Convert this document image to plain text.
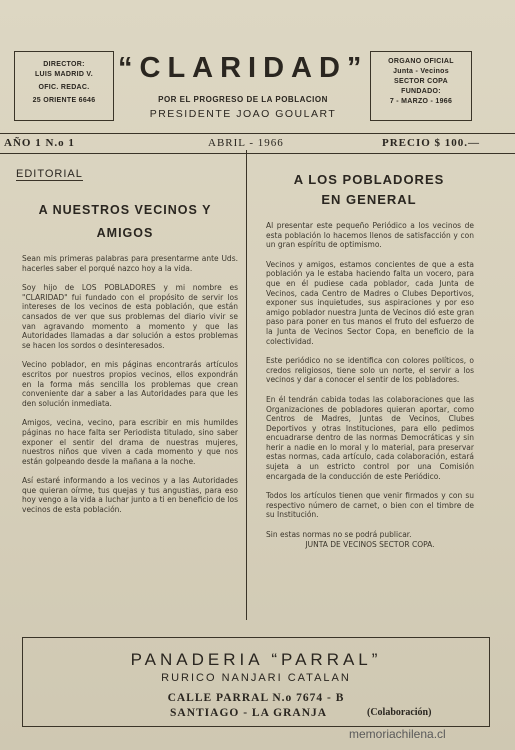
DIRECTOR:
LUIS MADRID V.
OFIC. REDAC.
25 ORIENTE 6646
“CLARIDAD”
POR EL PROGRESO DE LA POBLACION
PRESIDENTE JOAO GOULART
ORGANO OFICIAL
Junta - Vecinos
SECTOR COPA
FUNDADO:
7 - MARZO - 1966
AÑO 1 N.o 1	ABRIL - 1966	PRECIO $ 100.—
EDITORIAL
A NUESTROS VECINOS Y
AMIGOS

Sean mis primeras palabras para presentarme ante Uds. hacerles saber el porqué nazco hoy a la vida.

Soy hijo de LOS POBLADORES y mi nombre es "CLARIDAD" fui fundado con el propósito de servir los intereses de los vecinos de esta población, que están cansados de ver que sus problemas del diario vivir se van agravando momento a momento y que las Autoridades llamadas a dar solución a estos problemas se hacen los sordos o desinteresados.

Vecino poblador, en mis páginas encontrarás artículos escritos por nuestros propios vecinos, ellos expondrán en la forma más sencilla los problemas que crean conveniente dar a saber a las Autoridades para que les den solución inmediata.

Amigos, vecina, vecino, para escribir en mis humildes páginas no hace falta ser Periodista titulado, sino saber exponer el sentir del drama de nuestras mujeres, nuestros niños que viven a cada momento y que nos están golpeando desde la mañana a la noche.

Así estaré informando a los vecinos y a las Autoridades que quieran oírme, tus quejas y tus angustias, para eso hoy vengo a la vida a luchar junto a ti en beneficio de los vecinos de esta población.

A LOS POBLADORES
EN GENERAL

Al presentar este pequeño Periódico a los vecinos de esta población lo hacemos llenos de satisfacción y con un gran espíritu de optimismo.

Vecinos y amigos, estamos concientes de que a esta población ya le estaba haciendo falta un vocero, para que en él pudiese cada poblador, cada Junta de Vecinos, cada Centro de Madres o Clubes Deportivos, exponer sus inquietudes, sus aspiraciones y por eso amigo poblador nuestra Junta de Vecinos dió este gran paso para poner en tus manos el fruto del esfuerzo de la Junta de Vecinos Sector Copa, en beneficio de la colectividad.

Este periódico no se identifica con colores políticos, o credos religiosos, tiene solo un norte, el servir a los vecinos y dar a conocer el sentir de los pobladores.

En él tendrán cabida todas las colaboraciones que las Organizaciones de pobladores quieran aportar, como Centros de Madres, Juntas de Vecinos, Clubes Deportivos y otras Instituciones, para ello pedimos encuadrarse dentro de las normas Democráticas y sin herir a nadie en lo moral y lo material, para preservar estas normas, cada artículo, cada colaboración, estará sujeta a un estricto control por una Comisión encargada de la conducción de este Periódico.

Todos los artículos tienen que venir firmados y con su respectivo número de carnet, o bien con el timbre de su Institución.

Sin estas normas no se podrá publicar.

JUNTA DE VECINOS SECTOR COPA.
PANADERIA “PARRAL”
RURICO NANJARI CATALAN
CALLE PARRAL N.o 7674 - B
SANTIAGO - LA GRANJA	(Colaboración)
memoriachilena.cl
